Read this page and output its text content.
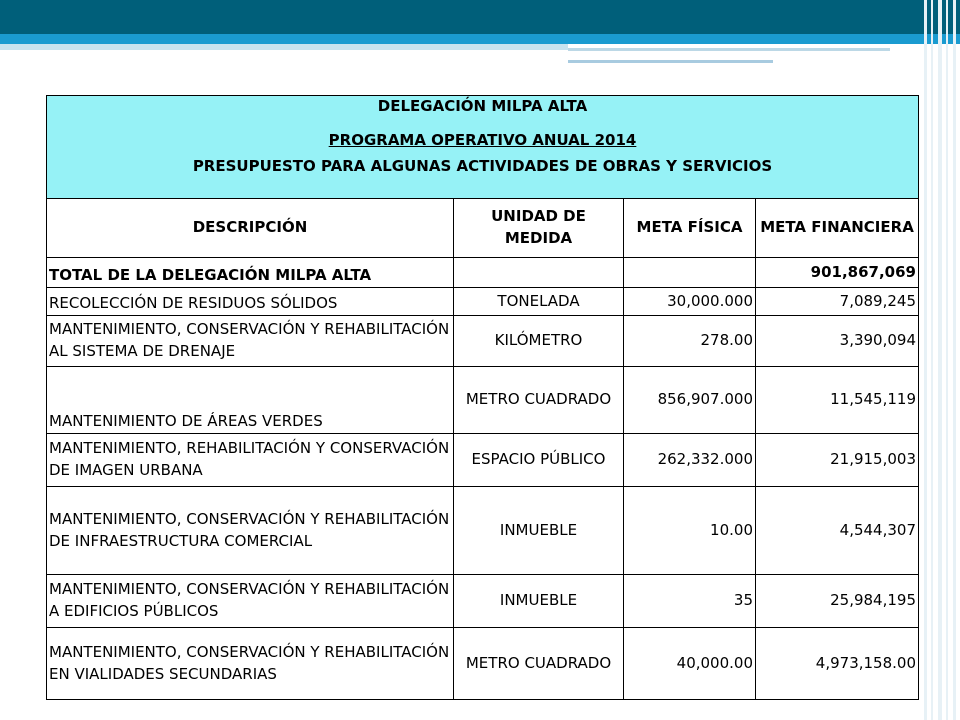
DELEGACIÓN MILPA ALTA
PROGRAMA OPERATIVO ANUAL 2014
PRESUPUESTO PARA ALGUNAS ACTIVIDADES DE OBRAS Y SERVICIOS			

DESCRIPCIÓN	UNIDAD DE MEDIDA	META FÍSICA	META FINANCIERA
TOTAL DE LA DELEGACIÓN MILPA ALTA			901,867,069
RECOLECCIÓN DE RESIDUOS SÓLIDOS	TONELADA	30,000.000	7,089,245
MANTENIMIENTO, CONSERVACIÓN Y REHABILITACIÓN AL SISTEMA DE DRENAJE	KILÓMETRO	278.00	3,390,094
MANTENIMIENTO DE ÁREAS VERDES	METRO CUADRADO	856,907.000	11,545,119
MANTENIMIENTO, REHABILITACIÓN Y CONSERVACIÓN DE IMAGEN URBANA	ESPACIO PÚBLICO	262,332.000	21,915,003
MANTENIMIENTO, CONSERVACIÓN Y REHABILITACIÓN DE INFRAESTRUCTURA COMERCIAL	INMUEBLE	10.00	4,544,307
MANTENIMIENTO, CONSERVACIÓN Y REHABILITACIÓN A EDIFICIOS PÚBLICOS	INMUEBLE	35	25,984,195
MANTENIMIENTO, CONSERVACIÓN Y REHABILITACIÓN EN VIALIDADES SECUNDARIAS	METRO CUADRADO	40,000.00	4,973,158.00
